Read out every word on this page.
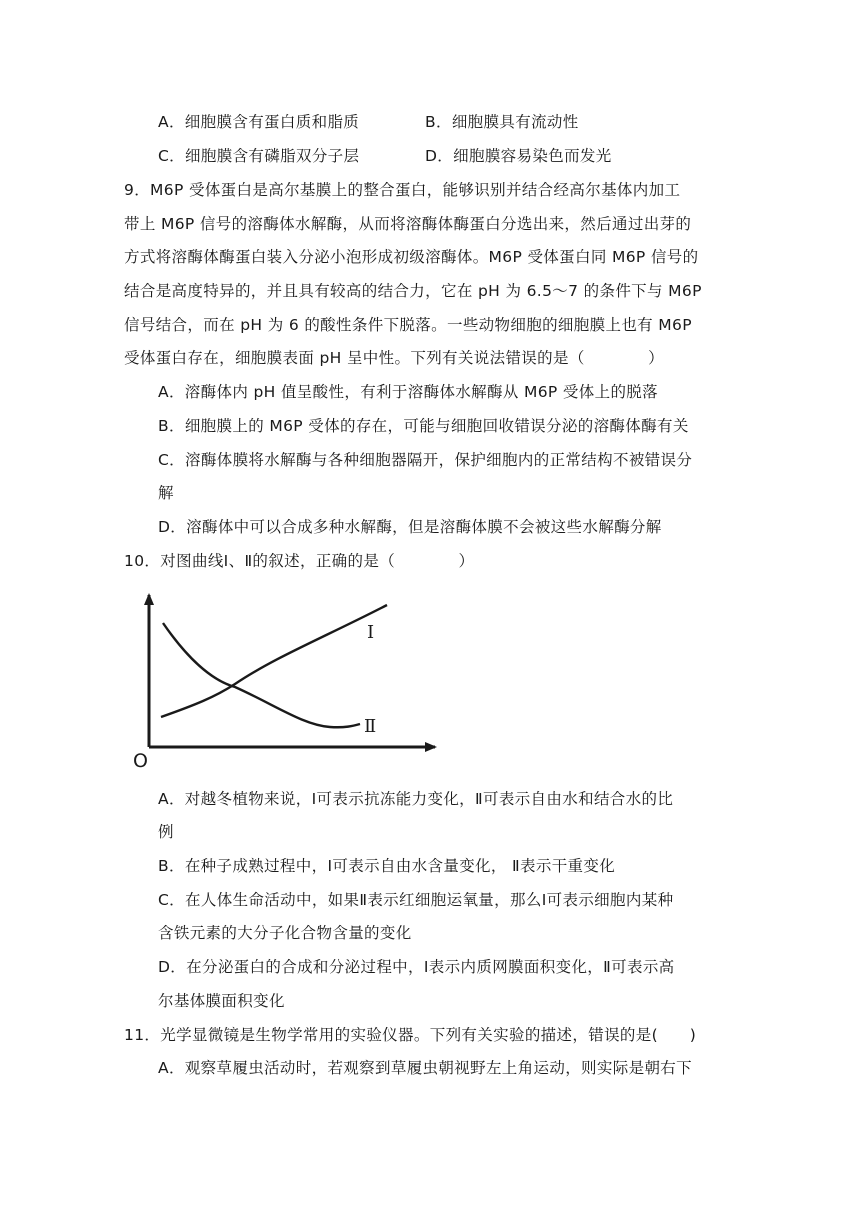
A．细胞膜含有蛋白质和脂质	B．细胞膜具有流动性
C．细胞膜含有磷脂双分子层	D．细胞膜容易染色而发光
9．M6P 受体蛋白是高尔基膜上的整合蛋白，能够识别并结合经高尔基体内加工
带上 M6P 信号的溶酶体水解酶，从而将溶酶体酶蛋白分选出来，然后通过出芽的
方式将溶酶体酶蛋白装入分泌小泡形成初级溶酶体。M6P 受体蛋白同 M6P 信号的
结合是高度特异的，并且具有较高的结合力，它在 pH 为 6.5～7 的条件下与 M6P
信号结合，而在 pH 为 6 的酸性条件下脱落。一些动物细胞的细胞膜上也有 M6P
受体蛋白存在，细胞膜表面 pH 呈中性。下列有关说法错误的是（　　　　）
A．溶酶体内 pH 值呈酸性，有利于溶酶体水解酶从 M6P 受体上的脱落
B．细胞膜上的 M6P 受体的存在，可能与细胞回收错误分泌的溶酶体酶有关
C．溶酶体膜将水解酶与各种细胞器隔开，保护细胞内的正常结构不被错误分
解
D．溶酶体中可以合成多种水解酶，但是溶酶体膜不会被这些水解酶分解
10．对图曲线Ⅰ、Ⅱ的叙述，正确的是（　　　　）
O
Ⅰ
Ⅱ
A．对越冬植物来说，Ⅰ可表示抗冻能力变化，Ⅱ可表示自由水和结合水的比
例
B．在种子成熟过程中，Ⅰ可表示自由水含量变化， Ⅱ表示干重变化
C．在人体生命活动中，如果Ⅱ表示红细胞运氧量，那么Ⅰ可表示细胞内某种
含铁元素的大分子化合物含量的变化
D．在分泌蛋白的合成和分泌过程中，Ⅰ表示内质网膜面积变化，Ⅱ可表示高
尔基体膜面积变化
11．光学显微镜是生物学常用的实验仪器。下列有关实验的描述，错误的是(　　)
A．观察草履虫活动时，若观察到草履虫朝视野左上角运动，则实际是朝右下
